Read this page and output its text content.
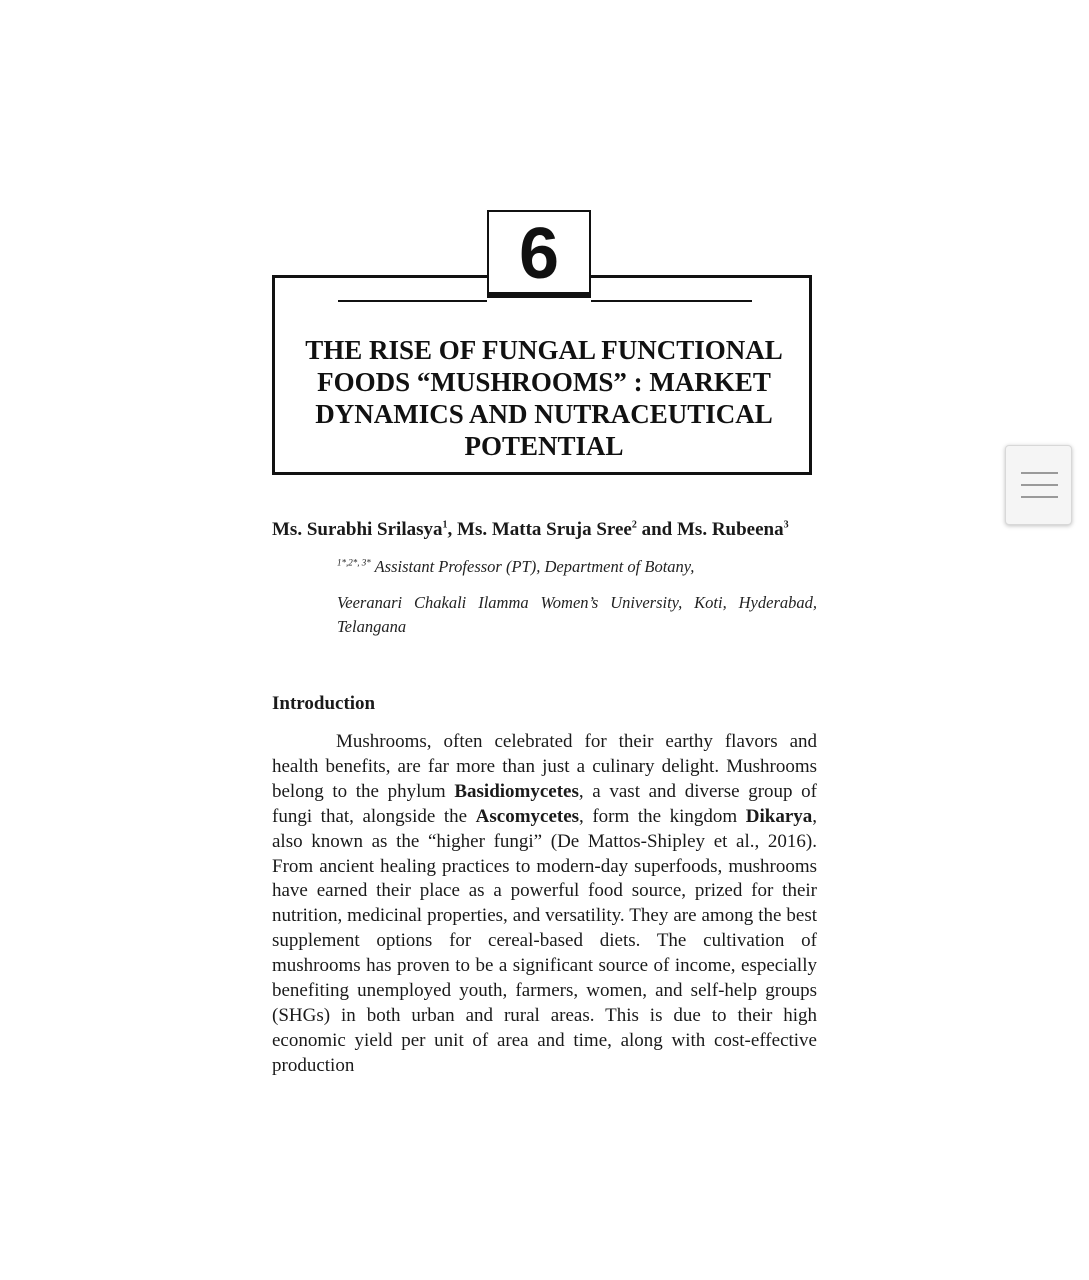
6
THE RISE OF FUNGAL FUNCTIONAL
FOODS “MUSHROOMS” : MARKET
DYNAMICS AND NUTRACEUTICAL
POTENTIAL

Ms. Surabhi Srilasya$^1$, Ms. Matta Sruja Sree$^2$ and Ms. Rubeena$^3$

$^{1*,2*, 3*}$ Assistant Professor (PT), Department of Botany,

Veeranari Chakali Ilamma Women’s University, Koti, Hyderabad, Telangana

Introduction

Mushrooms, often celebrated for their earthy flavors and health benefits, are far more than just a culinary delight. Mushrooms belong to the phylum Basidiomycetes, a vast and diverse group of fungi that, alongside the Ascomycetes, form the kingdom Dikarya, also known as the “higher fungi” (De Mattos-Shipley et al., 2016). From ancient healing practices to modern-day superfoods, mushrooms have earned their place as a powerful food source, prized for their nutrition, medicinal properties, and versatility. They are among the best supplement options for cereal-based diets. The cultivation of mushrooms has proven to be a significant source of income, especially benefiting unemployed youth, farmers, women, and self-help groups (SHGs) in both urban and rural areas. This is due to their high economic yield per unit of area and time, along with cost-effective production
